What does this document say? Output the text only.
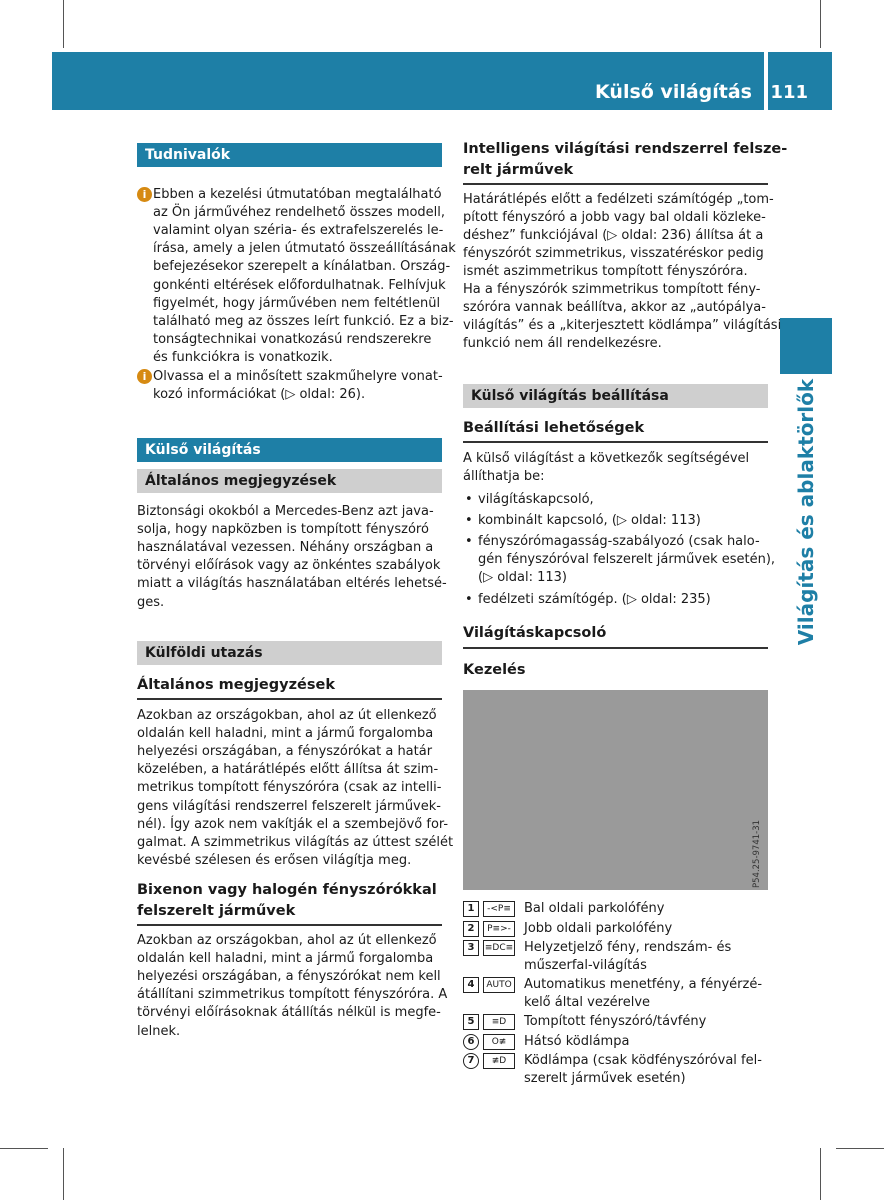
Külső világítás 111
Világítás és ablaktörlők
Tudnivalók
i Ebben a kezelési útmutatóban megtalálható
az Ön járművéhez rendelhető összes modell,
valamint olyan széria- és extrafelszerelés le-
írása, amely a jelen útmutató összeállításának
befejezésekor szerepelt a kínálatban. Ország-
gonkénti eltérések előfordulhatnak. Felhívjuk
figyelmét, hogy járművében nem feltétlenül
található meg az összes leírt funkció. Ez a biz-
tonságtechnikai vonatkozású rendszerekre
és funkciókra is vonatkozik.
i Olvassa el a minősített szakműhelyre vonat-
kozó információkat (▷ oldal: 26).
Külső világítás
Általános megjegyzések
Biztonsági okokból a Mercedes-Benz azt java-
solja, hogy napközben is tompított fényszóró
használatával vezessen. Néhány országban a
törvényi előírások vagy az önkéntes szabályok
miatt a világítás használatában eltérés lehetsé-
ges.
Külföldi utazás
Általános megjegyzések
Azokban az országokban, ahol az út ellenkező
oldalán kell haladni, mint a jármű forgalomba
helyezési országában, a fényszórókat a határ
közelében, a határátlépés előtt állítsa át szim-
metrikus tompított fényszóróra (csak az intelli-
gens világítási rendszerrel felszerelt járművek-
nél). Így azok nem vakítják el a szembejövő for-
galmat. A szimmetrikus világítás az úttest szélét
kevésbé szélesen és erősen világítja meg.
Bixenon vagy halogén fényszórókkal
felszerelt járművek
Azokban az országokban, ahol az út ellenkező
oldalán kell haladni, mint a jármű forgalomba
helyezési országában, a fényszórókat nem kell
átállítani szimmetrikus tompított fényszóróra. A
törvényi előírásoknak átállítás nélkül is megfe-
lelnek.
Intelligens világítási rendszerrel felsze-
relt járművek
Határátlépés előtt a fedélzeti számítógép „tom-
pított fényszóró a jobb vagy bal oldali közleke-
déshez” funkciójával (▷ oldal: 236) állítsa át a
fényszórót szimmetrikus, visszatéréskor pedig
ismét aszimmetrikus tompított fényszóróra.
Ha a fényszórók szimmetrikus tompított fény-
szóróra vannak beállítva, akkor az „autópálya-
világítás” és a „kiterjesztett ködlámpa” világítási
funkció nem áll rendelkezésre.
Külső világítás beállítása
Beállítási lehetőségek
A külső világítást a következők segítségével
állíthatja be:
• világításkapcsoló,
• kombinált kapcsoló, (▷ oldal: 113)
• fényszórómagasság-szabályozó (csak halo-
gén fényszóróval felszerelt járművek esetén),
(▷ oldal: 113)
• fedélzeti számítógép. (▷ oldal: 235)
Világításkapcsoló
Kezelés
P54.25-9741-31
1	-<P≡	Bal oldali parkolófény
2	P≡>-	Jobb oldali parkolófény
3	≡DC≡ Helyzetjelző fény, rendszám- és
műszerfal-világítás
4	AUTO Automatikus menetfény, a fényérzé-
kelő által vezérelve
5	≡D	Tompított fényszóró/távfény
6	O≢	Hátsó ködlámpa
7	≢D	Ködlámpa (csak ködfényszóróval fel-
szerelt járművek esetén)
